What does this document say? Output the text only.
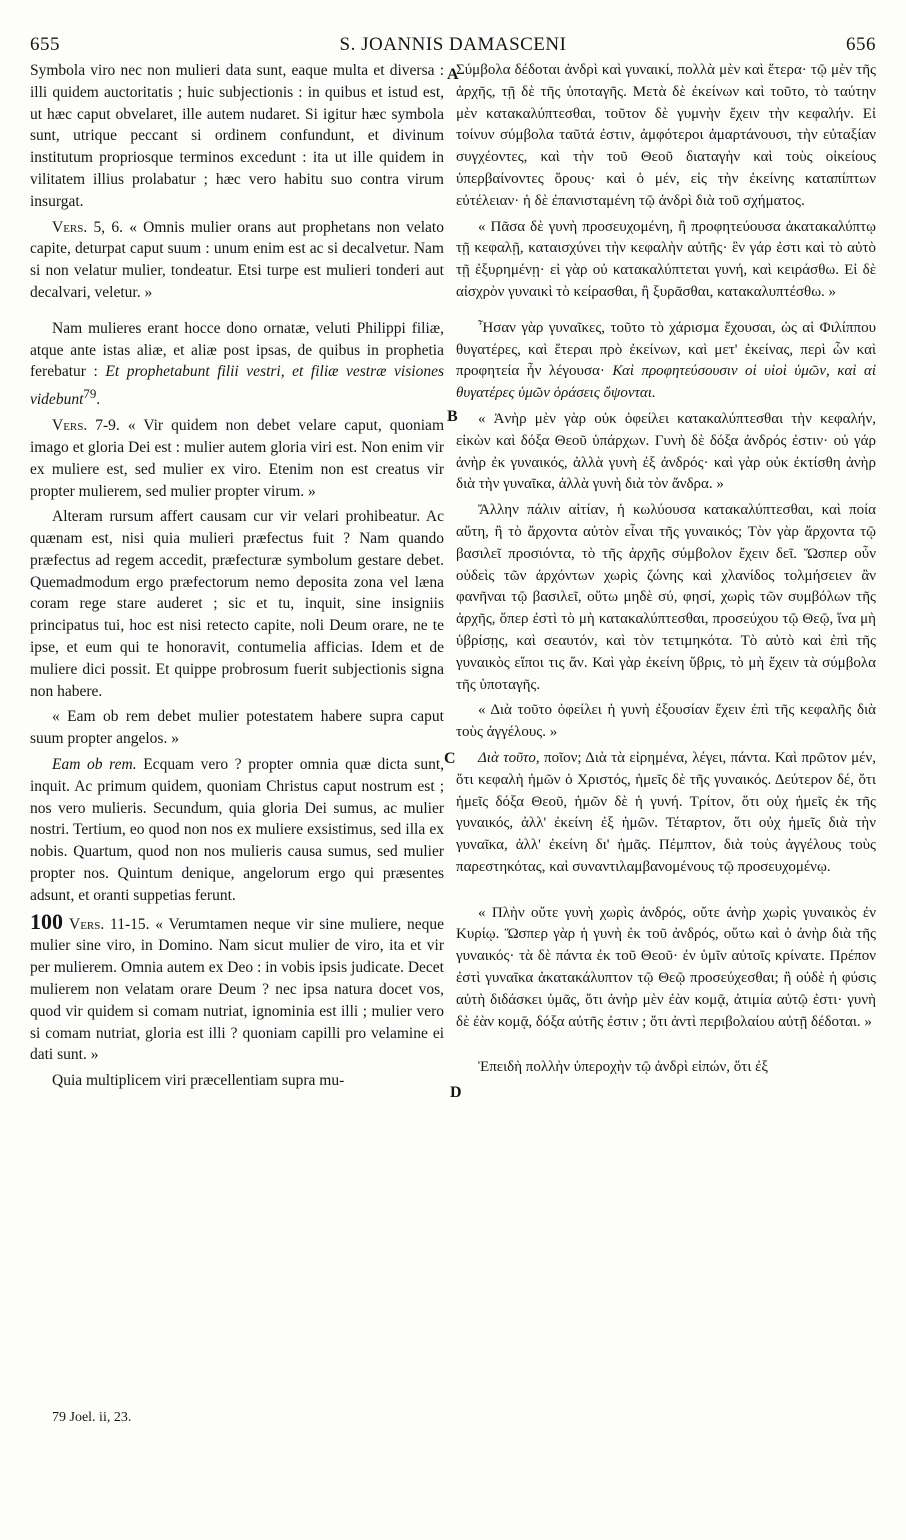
655	S. JOANNIS DAMASCENI	656
A
B
C
D

Symbola viro nec non mulieri data sunt, eaque multa et diversa : illi quidem auctoritatis ; huic subjectionis : in quibus et istud est, ut hæc caput obvelaret, ille autem nudaret. Si igitur hæc symbola sunt, utrique peccant si ordinem confundunt, et divinum institutum propriosque terminos excedunt : ita ut ille quidem in vilitatem illius prolabatur ; hæc vero habitu suo contra virum insurgat.

Vers. 5, 6. « Omnis mulier orans aut prophetans non velato capite, deturpat caput suum : unum enim est ac si decalvetur. Nam si non velatur mulier, tondeatur. Etsi turpe est mulieri tonderi aut decalvari, veletur. »

Nam mulieres erant hocce dono ornatæ, veluti Philippi filiæ, atque ante istas aliæ, et aliæ post ipsas, de quibus in prophetia ferebatur : Et prophetabunt filii vestri, et filiæ vestræ visiones videbunt$^{79}$.

Vers. 7-9. « Vir quidem non debet velare caput, quoniam imago et gloria Dei est : mulier autem gloria viri est. Non enim vir ex muliere est, sed mulier ex viro. Etenim non est creatus vir propter mulierem, sed mulier propter virum. »

Alteram rursum affert causam cur vir velari prohibeatur. Ac quænam est, nisi quia mulieri præfectus fuit ? Nam quando præfectus ad regem accedit, præfecturæ symbolum gestare debet. Quemadmodum ergo præfectorum nemo deposita zona vel læna coram rege stare auderet ; sic et tu, inquit, sine insigniis principatus tui, hoc est nisi retecto capite, noli Deum orare, ne te ipse, et eum qui te honoravit, contumelia afficias. Idem et de muliere dici possit. Et quippe probrosum fuerit subjectionis signa non habere.

« Eam ob rem debet mulier potestatem habere supra caput suum propter angelos. »

Eam ob rem. Ecquam vero ? propter omnia quæ dicta sunt, inquit. Ac primum quidem, quoniam Christus caput nostrum est ; nos vero mulieris. Secundum, quia gloria Dei sumus, ac mulier nostri. Tertium, eo quod non nos ex muliere exsistimus, sed illa ex nobis. Quartum, quod non nos mulieris causa sumus, sed mulier propter nos. Quintum denique, angelorum ergo qui præsentes adsunt, et oranti suppetias ferunt.

100 Vers. 11-15. « Verumtamen neque vir sine muliere, neque mulier sine viro, in Domino. Nam sicut mulier de viro, ita et vir per mulierem. Omnia autem ex Deo : in vobis ipsis judicate. Decet mulierem non velatam orare Deum ? nec ipsa natura docet vos, quod vir quidem si comam nutriat, ignominia est illi ; mulier vero si comam nutriat, gloria est illi ? quoniam capilli pro velamine ei dati sunt. »

Quia multiplicem viri præcellentiam supra mu-

Σύμβολα δέδοται ἀνδρὶ καὶ γυναικί, πολλὰ μὲν καὶ ἕτερα· τῷ μὲν τῆς ἀρχῆς, τῇ δὲ τῆς ὑποταγῆς. Μετὰ δὲ ἐκείνων καὶ τοῦτο, τὸ ταύτην μὲν κατακαλύπτεσθαι, τοῦτον δὲ γυμνὴν ἔχειν τὴν κεφαλήν. Εἰ τοίνυν σύμβολα ταῦτά ἐστιν, ἀμφότεροι ἁμαρτάνουσι, τὴν εὐταξίαν συγχέοντες, καὶ τὴν τοῦ Θεοῦ διαταγὴν καὶ τοὺς οἰκείους ὑπερβαίνοντες ὅρους· καὶ ὁ μέν, εἰς τὴν ἐκείνης καταπίπτων εὐτέλειαν· ἡ δὲ ἐπανισταμένη τῷ ἀνδρὶ διὰ τοῦ σχήματος.

« Πᾶσα δὲ γυνὴ προσευχομένη, ἢ προφητεύουσα ἀκατακαλύπτῳ τῇ κεφαλῇ, καταισχύνει τὴν κεφαλὴν αὐτῆς· ἓν γάρ ἐστι καὶ τὸ αὐτὸ τῇ ἐξυρημένῃ· εἰ γὰρ οὐ κατακαλύπτεται γυνή, καὶ κειράσθω. Εἰ δὲ αἰσχρὸν γυναικὶ τὸ κείρασθαι, ἢ ξυρᾶσθαι, κατακαλυπτέσθω. »

Ἦσαν γὰρ γυναῖκες, τοῦτο τὸ χάρισμα ἔχουσαι, ὡς αἱ Φιλίππου θυγατέρες, καὶ ἕτεραι πρὸ ἐκείνων, καὶ μετ' ἐκείνας, περὶ ὧν καὶ προφητεία ἦν λέγουσα· Καὶ προφητεύσουσιν οἱ υἱοὶ ὑμῶν, καὶ αἱ θυγατέρες ὑμῶν ὁράσεις ὄψονται.

« Ἀνὴρ μὲν γὰρ οὐκ ὀφείλει κατακαλύπτεσθαι τὴν κεφαλήν, εἰκὼν καὶ δόξα Θεοῦ ὑπάρχων. Γυνὴ δὲ δόξα ἀνδρός ἐστιν· οὐ γάρ ἀνὴρ ἐκ γυναικός, ἀλλὰ γυνὴ ἐξ ἀνδρός· καὶ γὰρ οὐκ ἐκτίσθη ἀνὴρ διὰ τὴν γυναῖκα, ἀλλὰ γυνὴ διὰ τὸν ἄνδρα. »

Ἄλλην πάλιν αἰτίαν, ἡ κωλύουσα κατακαλύπτεσθαι, καὶ ποία αὕτη, ἢ τὸ ἄρχοντα αὐτὸν εἶναι τῆς γυναικός; Τὸν γὰρ ἄρχοντα τῷ βασιλεῖ προσιόντα, τὸ τῆς ἀρχῆς σύμβολον ἔχειν δεῖ. Ὥσπερ οὖν οὐδεὶς τῶν ἀρχόντων χωρὶς ζώνης καὶ χλανίδος τολμήσειεν ἂν φανῆναι τῷ βασιλεῖ, οὕτω μηδὲ σύ, φησί, χωρὶς τῶν συμβόλων τῆς ἀρχῆς, ὅπερ ἐστὶ τὸ μὴ κατακαλύπτεσθαι, προσεύχου τῷ Θεῷ, ἵνα μὴ ὑβρίσῃς, καὶ σεαυτόν, καὶ τὸν τετιμηκότα. Τὸ αὐτὸ καὶ ἐπὶ τῆς γυναικὸς εἴποι τις ἄν. Καὶ γὰρ ἐκείνη ὕβρις, τὸ μὴ ἔχειν τὰ σύμβολα τῆς ὑποταγῆς.

« Διὰ τοῦτο ὀφείλει ἡ γυνὴ ἐξουσίαν ἔχειν ἐπὶ τῆς κεφαλῆς διὰ τοὺς ἀγγέλους. »

Διὰ τοῦτο, ποῖον; Διὰ τὰ εἰρημένα, λέγει, πάντα. Καὶ πρῶτον μέν, ὅτι κεφαλὴ ἡμῶν ὁ Χριστός, ἡμεῖς δὲ τῆς γυναικός. Δεύτερον δέ, ὅτι ἡμεῖς δόξα Θεοῦ, ἡμῶν δὲ ἡ γυνή. Τρίτον, ὅτι οὐχ ἡμεῖς ἐκ τῆς γυναικός, ἀλλ' ἐκείνη ἐξ ἡμῶν. Τέταρτον, ὅτι οὐχ ἡμεῖς διὰ τὴν γυναῖκα, ἀλλ' ἐκείνη δι' ἡμᾶς. Πέμπτον, διὰ τοὺς ἀγγέλους τοὺς παρεστηκότας, καὶ συναντιλαμβανομένους τῷ προσευχομένῳ.

« Πλὴν οὔτε γυνὴ χωρὶς ἀνδρός, οὔτε ἀνὴρ χωρὶς γυναικὸς ἐν Κυρίῳ. Ὥσπερ γὰρ ἡ γυνὴ ἐκ τοῦ ἀνδρός, οὕτω καὶ ὁ ἀνὴρ διὰ τῆς γυναικός· τὰ δὲ πάντα ἐκ τοῦ Θεοῦ· ἐν ὑμῖν αὐτοῖς κρίνατε. Πρέπον ἐστὶ γυναῖκα ἀκατακάλυπτον τῷ Θεῷ προσεύχεσθαι; ἢ οὐδὲ ἡ φύσις αὐτὴ διδάσκει ὑμᾶς, ὅτι ἀνὴρ μὲν ἐὰν κομᾷ, ἀτιμία αὐτῷ ἐστι· γυνὴ δὲ ἐὰν κομᾷ, δόξα αὐτῆς ἐστιν ; ὅτι ἀντὶ περιβολαίου αὐτῇ δέδοται. »

Ἐπειδὴ πολλὴν ὑπεροχὴν τῷ ἀνδρὶ εἰπών, ὅτι ἐξ

79 Joel. ii, 23.
